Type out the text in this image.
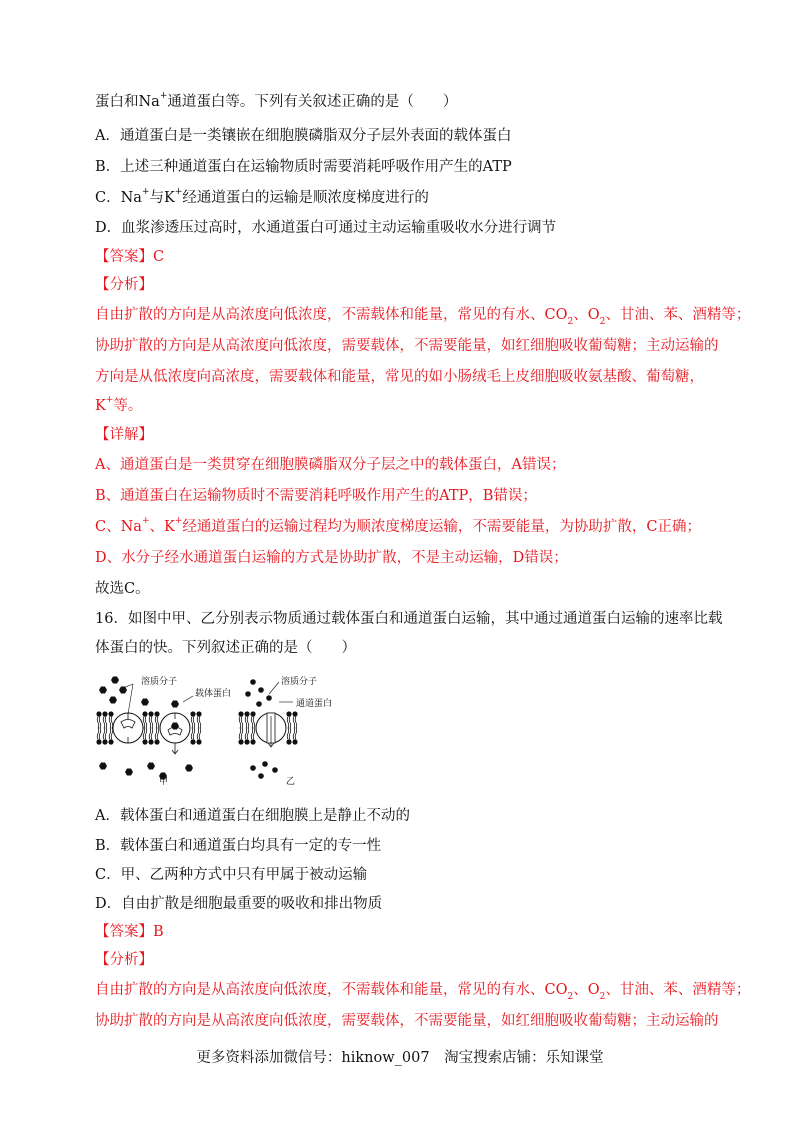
蛋白和Na+通道蛋白等。下列有关叙述正确的是（　　）
A．通道蛋白是一类镶嵌在细胞膜磷脂双分子层外表面的载体蛋白
B．上述三种通道蛋白在运输物质时需要消耗呼吸作用产生的ATP
C．Na+与K+经通道蛋白的运输是顺浓度梯度进行的
D．血浆渗透压过高时，水通道蛋白可通过主动运输重吸收水分进行调节
【答案】C
【分析】
自由扩散的方向是从高浓度向低浓度，不需载体和能量，常见的有水、$CO_2$、$O_2$、甘油、苯、酒精等；
协助扩散的方向是从高浓度向低浓度，需要载体，不需要能量，如红细胞吸收葡萄糖；主动运输的
方向是从低浓度向高浓度，需要载体和能量，常见的如小肠绒毛上皮细胞吸收氨基酸、葡萄糖，
K+等。
【详解】
A、通道蛋白是一类贯穿在细胞膜磷脂双分子层之中的载体蛋白，A错误；
B、通道蛋白在运输物质时不需要消耗呼吸作用产生的ATP，B错误；
C、Na+、K+经通道蛋白的运输过程均为顺浓度梯度运输，不需要能量，为协助扩散，C正确；
D、水分子经水通道蛋白运输的方式是协助扩散，不是主动运输，D错误；
故选C。
16．如图中甲、乙分别表示物质通过载体蛋白和通道蛋白运输，其中通过通道蛋白运输的速率比载
体蛋白的快。下列叙述正确的是（　　）
溶质分子
载体蛋白
甲
溶质分子
乙
通道蛋白
A．载体蛋白和通道蛋白在细胞膜上是静止不动的
B．载体蛋白和通道蛋白均具有一定的专一性
C．甲、乙两种方式中只有甲属于被动运输
D．自由扩散是细胞最重要的吸收和排出物质
【答案】B
【分析】
自由扩散的方向是从高浓度向低浓度，不需载体和能量，常见的有水、$CO_2$、$O_2$、甘油、苯、酒精等；
协助扩散的方向是从高浓度向低浓度，需要载体，不需要能量，如红细胞吸收葡萄糖；主动运输的
更多资料添加微信号：hiknow_007　淘宝搜索店铺：乐知课堂
